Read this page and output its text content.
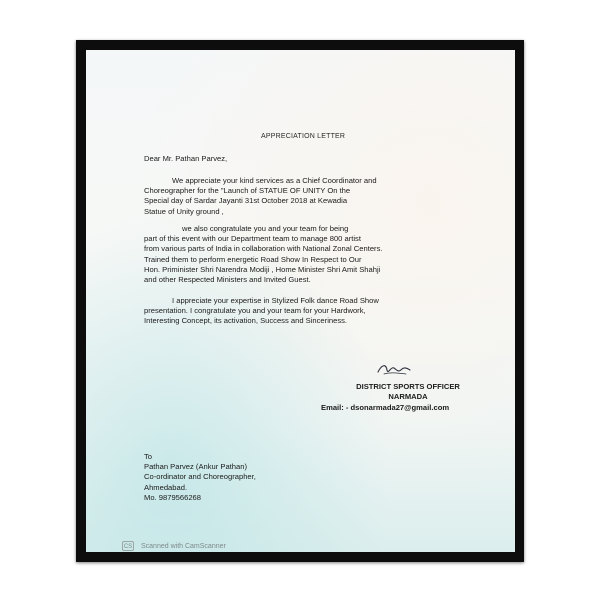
APPRECIATION LETTER
Dear Mr. Pathan Parvez,
We appreciate your kind services as a Chief Coordinator and
Choreographer for the "Launch of STATUE OF UNITY On the
Special day of Sardar Jayanti 31st October 2018 at Kewadia
Statue of Unity ground ,
we also congratulate you and your team for being
part of this event with our Department team to manage 800 artist
from various parts of India in collaboration with National Zonal Centers.
Trained them to perform energetic Road Show In Respect to Our
Hon. Priminister Shri Narendra Modiji , Home Minister Shri Amit Shahji
and other Respected Ministers and Invited Guest.
I appreciate your expertise in Stylized Folk dance Road Show
presentation. I congratulate you and your team for your Hardwork,
Interesting Concept, its activation, Success and Sinceriness.
DISTRICT SPORTS OFFICER
NARMADA
Email: - dsonarmada27@gmail.com
To
Pathan Parvez (Ankur Pathan)
Co-ordinator and Choreographer,
Ahmedabad.
Mo. 9879566268
CS Scanned with CamScanner
